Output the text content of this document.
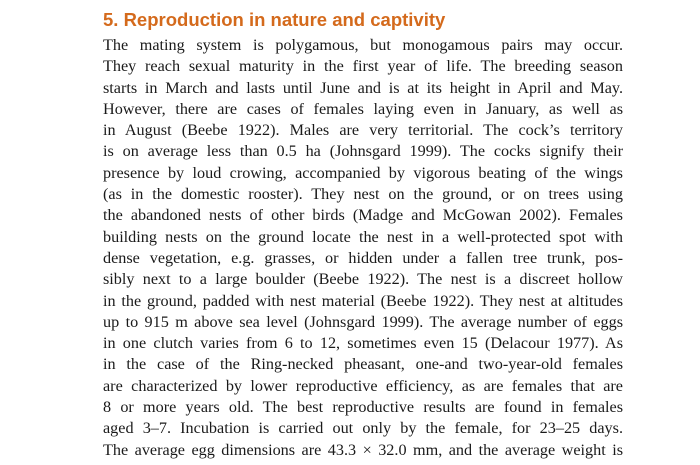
5. Reproduction in nature and captivity
The mating system is polygamous, but monogamous pairs may occur.
They reach sexual maturity in the first year of life. The breeding season
starts in March and lasts until June and is at its height in April and May.
However, there are cases of females laying even in January, as well as
in August (Beebe 1922). Males are very territorial. The cock’s territory
is on average less than 0.5 ha (Johnsgard 1999). The cocks signify their
presence by loud crowing, accompanied by vigorous beating of the wings
(as in the domestic rooster). They nest on the ground, or on trees using
the abandoned nests of other birds (Madge and McGowan 2002). Females
building nests on the ground locate the nest in a well-protected spot with
dense vegetation, e.g. grasses, or hidden under a fallen tree trunk, pos-
sibly next to a large boulder (Beebe 1922). The nest is a discreet hollow
in the ground, padded with nest material (Beebe 1922). They nest at altitudes
up to 915 m above sea level (Johnsgard 1999). The average number of eggs
in one clutch varies from 6 to 12, sometimes even 15 (Delacour 1977). As
in the case of the Ring-necked pheasant, one-and two-year-old females
are characterized by lower reproductive efficiency, as are females that are
8 or more years old. The best reproductive results are found in females
aged 3–7. Incubation is carried out only by the female, for 23–25 days.
The average egg dimensions are 43.3 × 32.0 mm, and the average weight is
